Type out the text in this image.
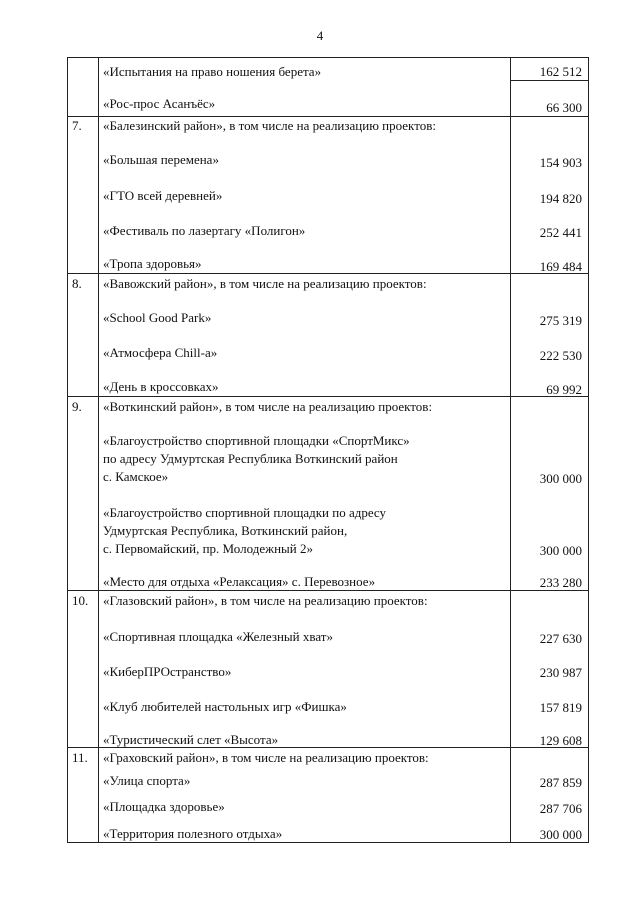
4
«Испытания на право ношения берета»	162 512
«Рос-прос Асанъёс»	66 300
7.	«Балезинский район», в том числе на реализацию проектов:
«Большая перемена»	154 903
«ГТО всей деревней»	194 820
«Фестиваль по лазертагу «Полигон»	252 441
«Тропа здоровья»	169 484
8.	«Вавожский район», в том числе на реализацию проектов:
«School Good Park»	275 319
«Атмосфера Chill-a»	222 530
«День в кроссовках»	69 992
9.	«Воткинский район», в том числе на реализацию проектов:
«Благоустройство спортивной площадки «СпортМикс»
по адресу Удмуртская Республика Воткинский район
с. Камское»	300 000
«Благоустройство спортивной площадки по адресу
Удмуртская Республика, Воткинский район,
с. Первомайский, пр. Молодежный 2»	300 000
«Место для отдыха «Релаксация» с. Перевозное»	233 280
10.	«Глазовский район», в том числе на реализацию проектов:
«Спортивная площадка «Железный хват»	227 630
«КиберПРОстранство»	230 987
«Клуб любителей настольных игр «Фишка»	157 819
«Туристический слет «Высота»	129 608
11.	«Граховский район», в том числе на реализацию проектов:
«Улица спорта»	287 859
«Площадка здоровье»	287 706
«Территория полезного отдыха»	300 000
